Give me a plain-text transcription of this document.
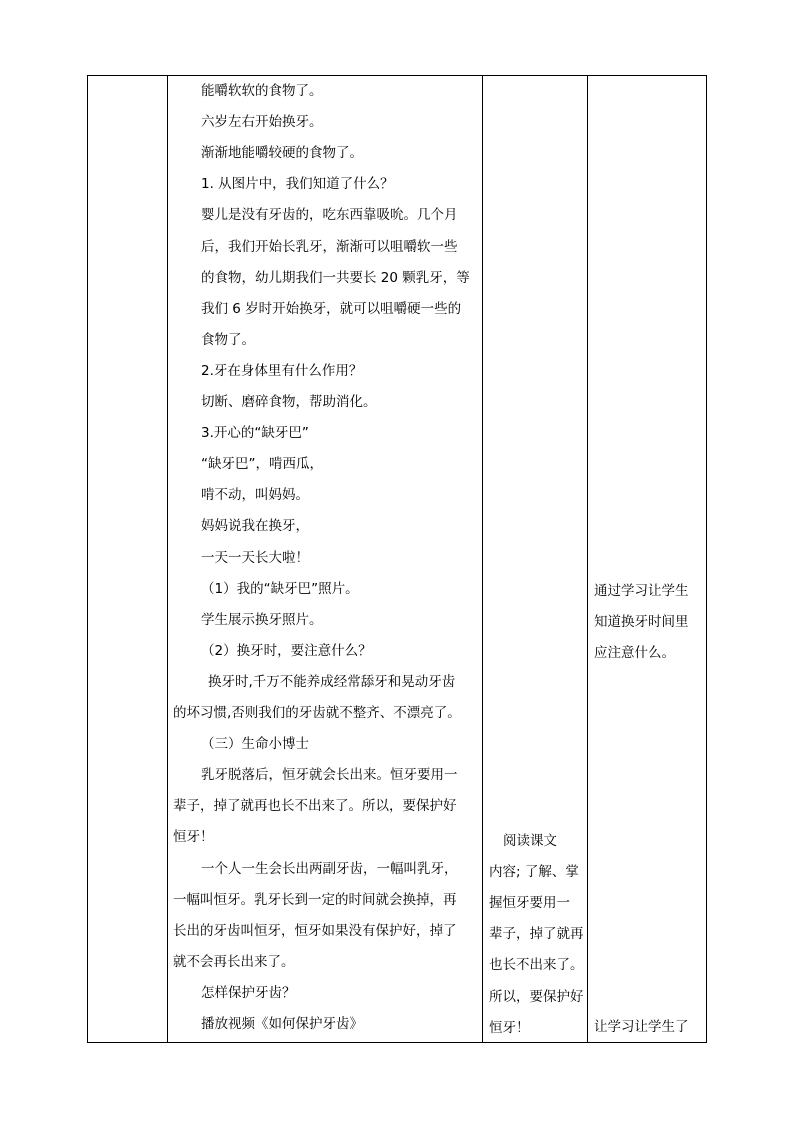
能嚼软软的食物了。
六岁左右开始换牙。
渐渐地能嚼较硬的食物了。
1. 从图片中，我们知道了什么？
婴儿是没有牙齿的，吃东西靠吸吮。几个月
后，我们开始长乳牙，渐渐可以咀嚼软一些
的食物，幼儿期我们一共要长 20 颗乳牙，等
我们 6 岁时开始换牙，就可以咀嚼硬一些的
食物了。
2.牙在身体里有什么作用？
切断、磨碎食物，帮助消化。
3.开心的“缺牙巴”
“缺牙巴”，啃西瓜，
啃不动，叫妈妈。
妈妈说我在换牙，
一天一天长大啦！
（1）我的“缺牙巴”照片。
学生展示换牙照片。
（2）换牙时，要注意什么？
换牙时,千万不能养成经常舔牙和晃动牙齿
的坏习惯,否则我们的牙齿就不整齐、不漂亮了。
（三）生命小博士
乳牙脱落后，恒牙就会长出来。恒牙要用一
辈子，掉了就再也长不出来了。所以，要保护好
恒牙！
一个人一生会长出两副牙齿，一幅叫乳牙，
一幅叫恒牙。乳牙长到一定的时间就会换掉，再
长出的牙齿叫恒牙，恒牙如果没有保护好，掉了
就不会再长出来了。
怎样保护牙齿？
播放视频《如何保护牙齿》
阅读课文
内容; 了解、掌
握恒牙要用一
辈子，掉了就再
也长不出来了。
所以，要保护好
恒牙！
通过学习让学生
知道换牙时间里
应注意什么。
让学习让学生了
